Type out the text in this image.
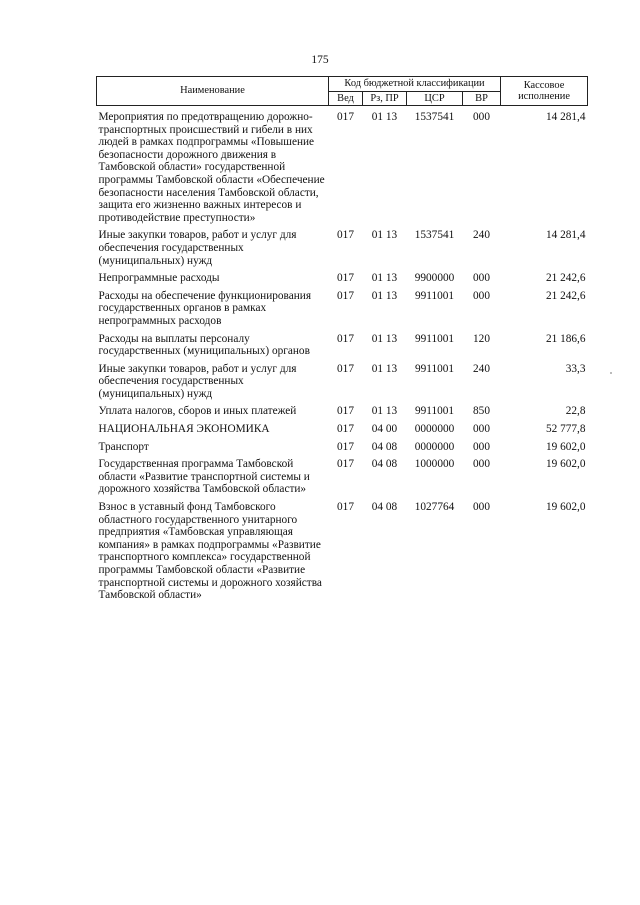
175
Наименование	Код бюджетной классификации				Кассовое исполнение
	Вед	Рз, ПР	ЦСР	ВР	
Мероприятия по предотвращению дорожно-транспортных происшествий и гибели в них людей в рамках подпрограммы «Повышение безопасности дорожного движения в Тамбовской области» государственной программы Тамбовской области «Обеспечение безопасности населения Тамбовской области, защита его жизненно важных интересов и противодействие преступности»	017	01 13	1537541	000	14 281,4
Иные закупки товаров, работ и услуг для обеспечения государственных (муниципальных) нужд	017	01 13	1537541	240	14 281,4
Непрограммные расходы	017	01 13	9900000	000	21 242,6
Расходы на обеспечение функционирования государственных органов в рамках непрограммных расходов	017	01 13	9911001	000	21 242,6
Расходы на выплаты персоналу государственных (муниципальных) органов	017	01 13	9911001	120	21 186,6
Иные закупки товаров, работ и услуг для обеспечения государственных (муниципальных) нужд	017	01 13	9911001	240	33,3
Уплата налогов, сборов и иных платежей	017	01 13	9911001	850	22,8
НАЦИОНАЛЬНАЯ ЭКОНОМИКА	017	04 00	0000000	000	52 777,8
Транспорт	017	04 08	0000000	000	19 602,0
Государственная программа Тамбовской области «Развитие транспортной системы и дорожного хозяйства Тамбовской области»	017	04 08	1000000	000	19 602,0
Взнос в уставный фонд Тамбовского областного государственного унитарного предприятия «Тамбовская управляющая компания» в рамках подпрограммы «Развитие транспортного комплекса» государственной программы Тамбовской области «Развитие транспортной системы и дорожного хозяйства Тамбовской области»	017	04 08	1027764	000	19 602,0
